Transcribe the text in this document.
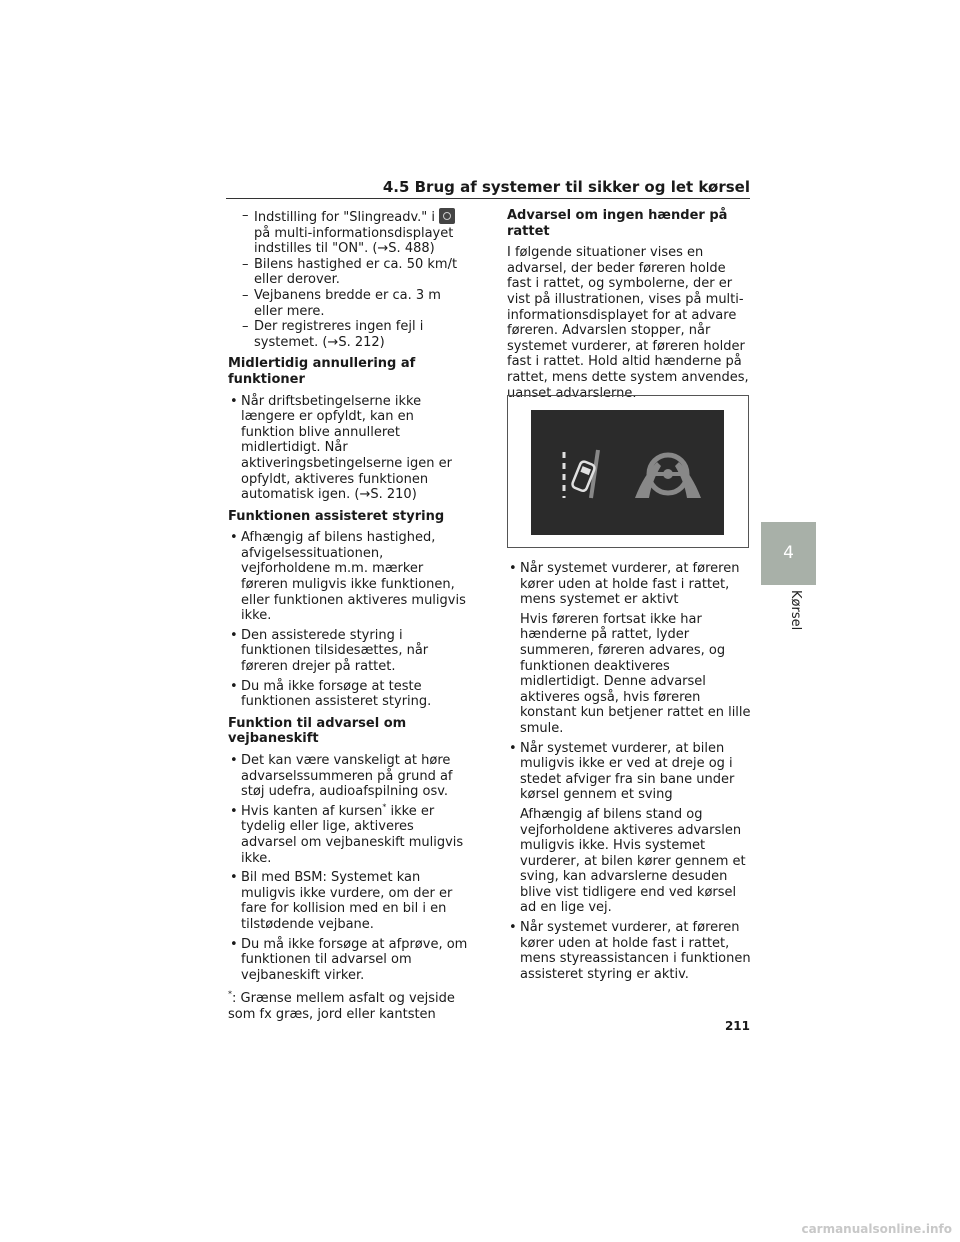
4.5 Brug af systemer til sikker og let kørsel

– Indstilling for "Slingreadv." ipå multi-informationsdisplayet indstilles til "ON". (→S. 488)

– Bilens hastighed er ca. 50 km/t eller derover.

– Vejbanens bredde er ca. 3 m eller mere.

– Der registreres ingen fejl i systemet. (→S. 212)

Midlertidig annullering af funktioner

• Når driftsbetingelserne ikke længere er opfyldt, kan en funktion blive annulleret midlertidigt. Når aktiveringsbetingelserne igen er opfyldt, aktiveres funktionen automatisk igen. (→S. 210)

Funktionen assisteret styring

• Afhængig af bilens hastighed, afvigelsessituationen, vejforholdene m.m. mærker føreren muligvis ikke funktionen, eller funktionen aktiveres muligvis ikke.

• Den assisterede styring i funktionen tilsidesættes, når føreren drejer på rattet.

• Du må ikke forsøge at teste funktionen assisteret styring.

Funktion til advarsel om vejbaneskift

• Det kan være vanskeligt at høre advarselssummeren på grund af støj udefra, audioafspilning osv.

• Hvis kanten af kursen* ikke er tydelig eller lige, aktiveres advarsel om vejbaneskift muligvis ikke.

• Bil med BSM: Systemet kan muligvis ikke vurdere, om der er fare for kollision med en bil i en tilstødende vejbane.

• Du må ikke forsøge at afprøve, om funktionen til advarsel om vejbaneskift virker.

*: Grænse mellem asfalt og vejside som fx græs, jord eller kantsten

Advarsel om ingen hænder på rattet

I følgende situationer vises en advarsel, der beder føreren holde fast i rattet, og symbolerne, der er vist på illustrationen, vises på multi-informationsdisplayet for at advare føreren. Advarslen stopper, når systemet vurderer, at føreren holder fast i rattet. Hold altid hænderne på rattet, mens dette system anvendes, uanset advarslerne.

• Når systemet vurderer, at føreren kører uden at holde fast i rattet, mens systemet er aktivt

Hvis føreren fortsat ikke har hænderne på rattet, lyder summeren, føreren advares, og funktionen deaktiveres midlertidigt. Denne advarsel aktiveres også, hvis føreren konstant kun betjener rattet en lille smule.

• Når systemet vurderer, at bilen muligvis ikke er ved at dreje og i stedet afviger fra sin bane under kørsel gennem et sving

Afhængig af bilens stand og vejforholdene aktiveres advarslen muligvis ikke. Hvis systemet vurderer, at bilen kører gennem et sving, kan advarslerne desuden blive vist tidligere end ved kørsel ad en lige vej.

• Når systemet vurderer, at føreren kører uden at holde fast i rattet, mens styreassistancen i funktionen assisteret styring er aktiv.

4
Kørsel
211
carmanualsonline.info
